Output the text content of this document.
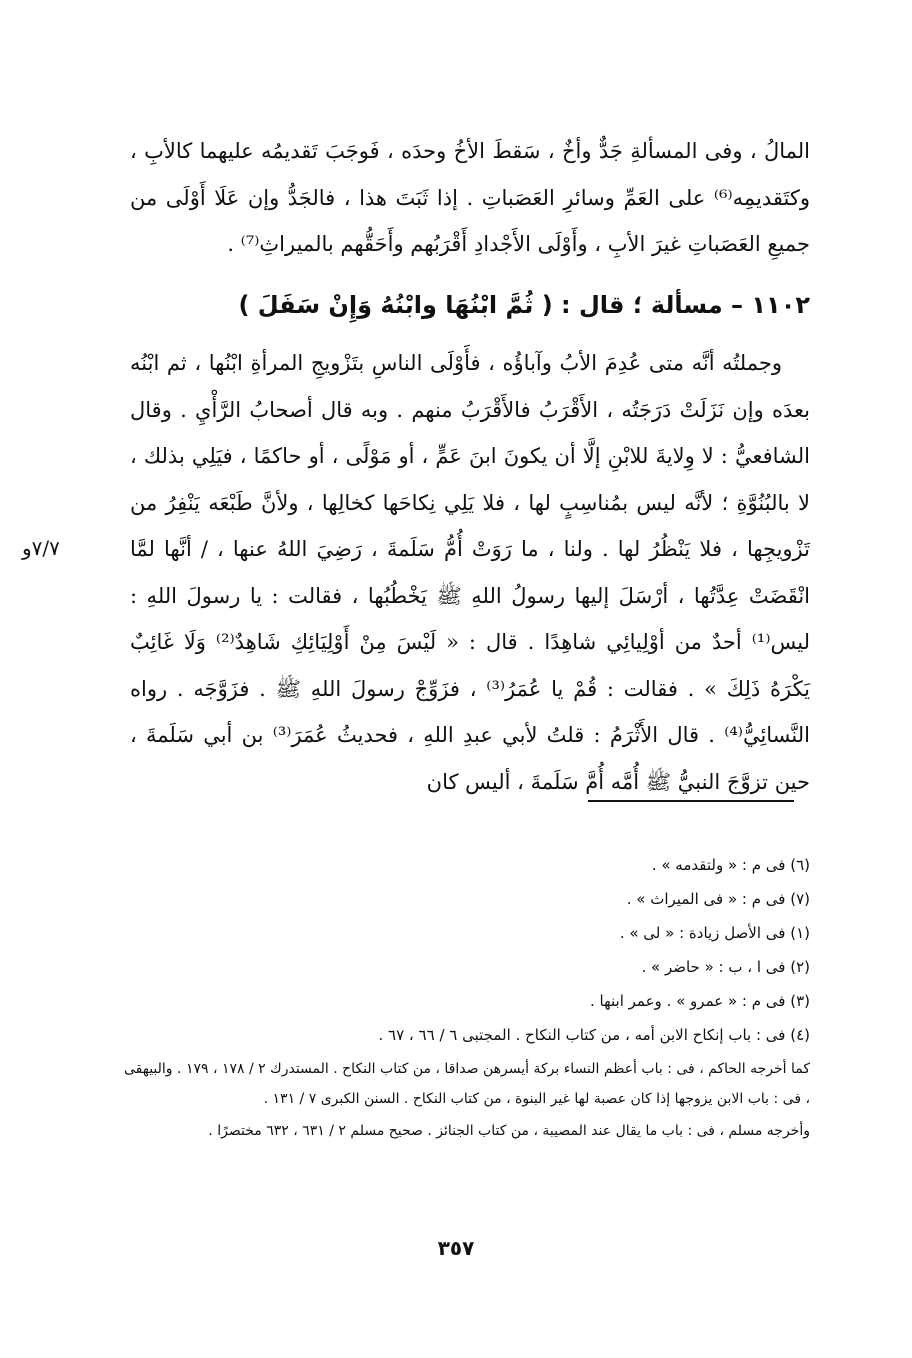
المالُ ، وفى المسألةِ جَدٌّ وأخٌ ، سَقطَ الأخُ وحدَه ، فَوجَبَ تَقديمُه عليهما كالأبِ ، وكتَقديمِه⁽⁶⁾ على العَمِّ وسائرِ العَصَباتِ . إذا ثَبَتَ هذا ، فالجَدُّ وإن عَلَا أَوْلَى من جميعِ العَصَباتِ غيرَ الأبِ ، وأَوْلَى الأَجْدادِ أَقْرَبُهم وأَحَقُّهم بالميراثِ⁽⁷⁾ .

١١٠٢ – مسألة ؛ قال : ( ثُمَّ ابْنُهَا وابْنُهُ وَإِنْ سَفَلَ )

وجملتُه أنَّه متى عُدِمَ الأبُ وآباؤُه ، فأَوْلَى الناسِ بتَزْويجِ المرأةِ ابْنُها ، ثم ابْنُه بعدَه وإن نَزَلَتْ دَرَجَتُه ، الأَقْرَبُ فالأَقْرَبُ منهم . وبه قال أصحابُ الرَّأْيِ . وقال الشافعيُّ : لا وِلايةَ للابْنِ إلَّا أن يكونَ ابنَ عَمٍّ ، أو مَوْلًى ، أو حاكمًا ، فيَلِي بذلك ، لا بالبُنُوَّةِ ؛ لأنَّه ليس بمُناسِبٍ لها ، فلا يَلِي نِكاحَها كخالِها ، ولأنَّ طَبْعَه يَنْفِرُ من تَزْويجِها ، فلا يَنْظُرُ لها . ولنا ، ما رَوَتْ أُمُّ سَلَمةَ ، رَضِيَ اللهُ عنها ، / أنَّها لمَّا انْقَضَتْ عِدَّتُها ، أرْسَلَ إليها رسولُ اللهِ ﷺ يَخْطُبُها ، فقالت : يا رسولَ اللهِ : ليس⁽¹⁾ أحدٌ من أوْلِيائِي شاهِدًا . قال : « لَيْسَ مِنْ أَوْلِيَائِكِ شَاهِدٌ⁽²⁾ وَلَا غَائِبٌ يَكْرَهُ ذَلِكَ » . فقالت : قُمْ يا عُمَرُ⁽³⁾ ، فزَوِّجْ رسولَ اللهِ ﷺ . فزَوَّجَه . رواه النَّسائِيُّ⁽⁴⁾ . قال الأَثْرَمُ : قلتُ لأبي عبدِ اللهِ ، فحديثُ عُمَرَ⁽³⁾ بن أبي سَلَمةَ ، حين تزوَّجَ النبيُّ ﷺ أُمَّه أُمَّ سَلَمةَ ، أليس كان

٧/٧و

(٦) فى م : « ولتقدمه » .

(٧) فى م : « فى الميراث » .

(١) فى الأصل زيادة : « لى » .

(٢) فى ا ، ب : « حاضر » .

(٣) فى م : « عمرو » . وعمر ابنها .

(٤) فى : باب إنكاح الابن أمه ، من كتاب النكاح . المجتبى ٦ / ٦٦ ، ٦٧ .

كما أخرجه الحاكم ، فى : باب أعظم النساء بركة أيسرهن صداقا ، من كتاب النكاح . المستدرك ٢ / ١٧٨ ، ١٧٩ . والبيهقى ، فى : باب الابن يزوجها إذا كان عصبة لها غير البنوة ، من كتاب النكاح . السنن الكبرى ٧ / ١٣١ .

وأخرجه مسلم ، فى : باب ما يقال عند المصيبة ، من كتاب الجنائز . صحيح مسلم ٢ / ٦٣١ ، ٦٣٢ مختصرًا .

٣٥٧
